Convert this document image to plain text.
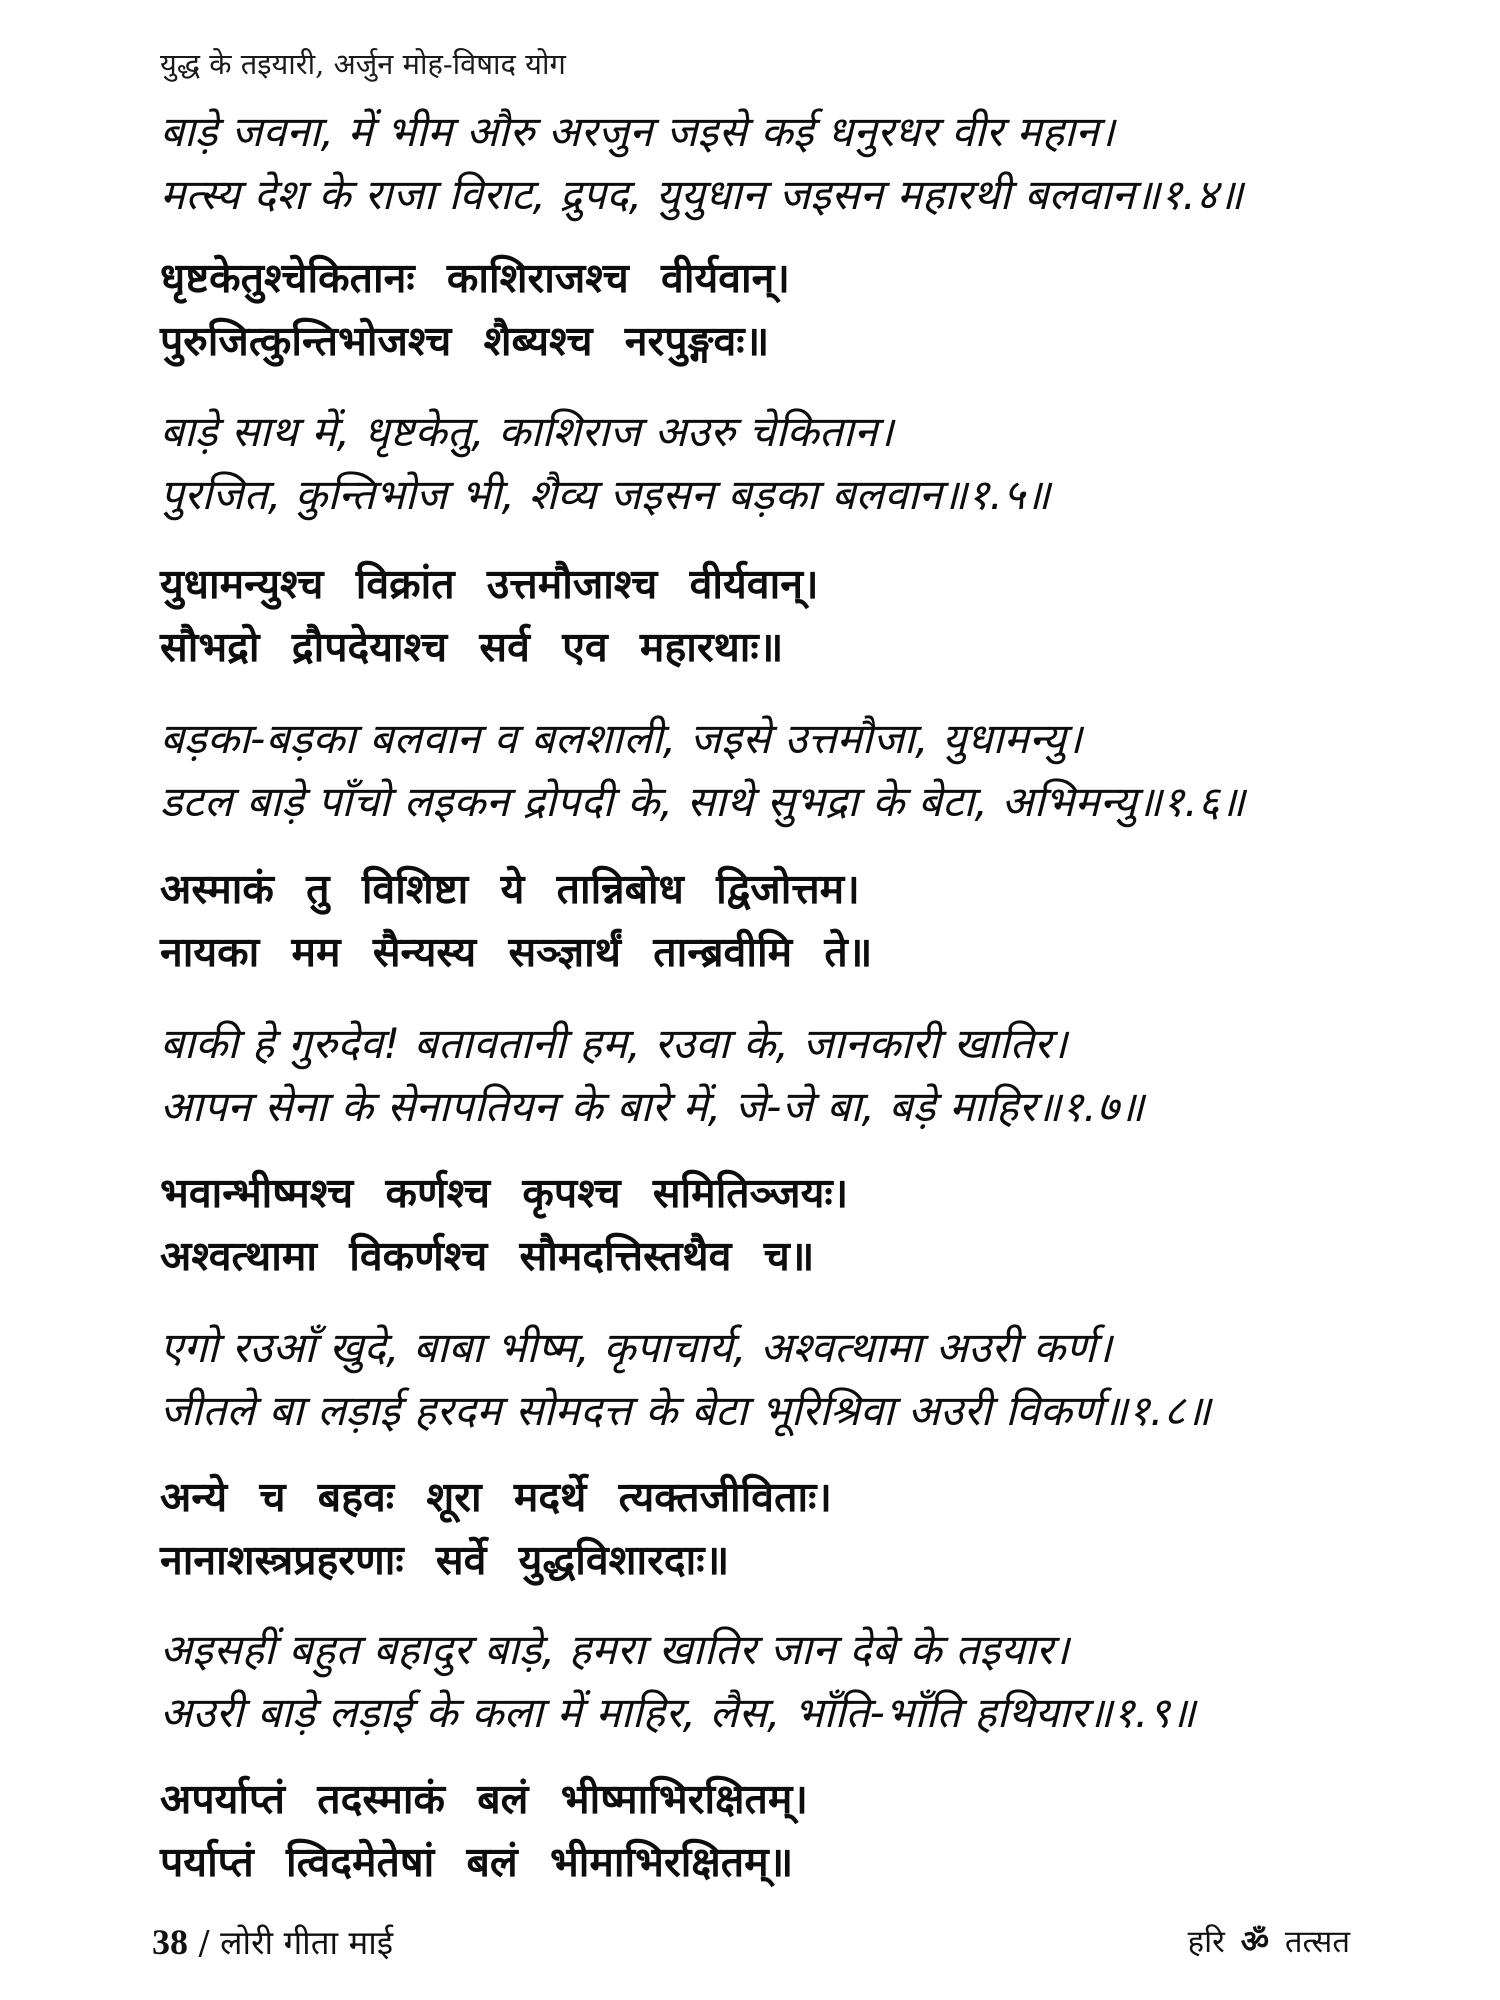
युद्ध के तइयारी, अर्जुन मोह-विषाद योग
बाड़े जवना, में भीम औरु अरजुन जइसे कई धनुरधर वीर महान।
मत्स्य देश के राजा विराट, द्रुपद, युयुधान जइसन महारथी बलवान॥१.४॥
धृष्टकेतुश्चेकितानः काशिराजश्च वीर्यवान्।
पुरुजित्कुन्तिभोजश्च शैब्यश्च नरपुङ्गवः॥
बाड़े साथ में, धृष्टकेतु, काशिराज अउरु चेकितान।
पुरजित, कुन्तिभोज भी, शैव्य जइसन बड़का बलवान॥१.५॥
युधामन्युश्च विक्रांत उत्तमौजाश्च वीर्यवान्।
सौभद्रो द्रौपदेयाश्च सर्व एव महारथाः॥
बड़का-बड़का बलवान व बलशाली, जइसे उत्तमौजा, युधामन्यु।
डटल बाड़े पाँचो लइकन द्रोपदी के, साथे सुभद्रा के बेटा, अभिमन्यु॥१.६॥
अस्माकं तु विशिष्टा ये तान्निबोध द्विजोत्तम।
नायका मम सैन्यस्य सञ्ज्ञार्थं तान्ब्रवीमि ते॥
बाकी हे गुरुदेव! बतावतानी हम, रउवा के, जानकारी खातिर।
आपन सेना के सेनापतियन के बारे में, जे-जे बा, बड़े माहिर॥१.७॥
भवान्भीष्मश्च कर्णश्च कृपश्च समितिञ्जयः।
अश्वत्थामा विकर्णश्च सौमदत्तिस्तथैव च॥
एगो रउआँ खुदे, बाबा भीष्म, कृपाचार्य, अश्वत्थामा अउरी कर्ण।
जीतले बा लड़ाई हरदम सोमदत्त के बेटा भूरिश्रिवा अउरी विकर्ण॥१.८॥
अन्ये च बहवः शूरा मदर्थे त्यक्तजीविताः।
नानाशस्त्रप्रहरणाः सर्वे युद्धविशारदाः॥
अइसहीं बहुत बहादुर बाड़े, हमरा खातिर जान देबे के तइयार।
अउरी बाड़े लड़ाई के कला में माहिर, लैस, भाँति-भाँति हथियार॥१.९॥
अपर्याप्तं तदस्माकं बलं भीष्माभिरक्षितम्।
पर्याप्तं त्विदमेतेषां बलं भीमाभिरक्षितम्॥
38 / लोरी गीता माई	हरि ॐ तत्सत
